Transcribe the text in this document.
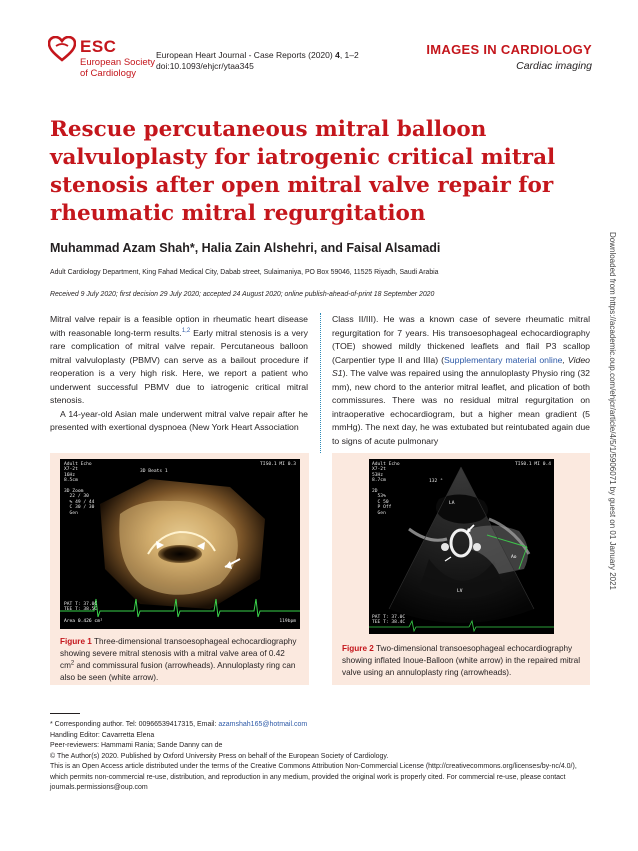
ESC
European Society
of Cardiology
European Heart Journal - Case Reports (2020) 4, 1–2
doi:10.1093/ehjcr/ytaa345
IMAGES IN CARDIOLOGY
Cardiac imaging
Rescue percutaneous mitral balloon valvuloplasty for iatrogenic critical mitral stenosis after open mitral valve repair for rheumatic mitral regurgitation
Muhammad Azam Shah*, Halia Zain Alshehri, and Faisal Alsamadi
Adult Cardiology Department, King Fahad Medical City, Dabab street, Sulaimaniya, PO Box 59046, 11525 Riyadh, Saudi Arabia
Received 9 July 2020; first decision 29 July 2020; accepted 24 August 2020; online publish-ahead-of-print 18 September 2020

Mitral valve repair is a feasible option in rheumatic heart disease with reasonable long-term results.$^{1,2}$ Early mitral stenosis is a very rare complication of mitral valve repair. Percutaneous balloon mitral valvuloplasty (PBMV) can serve as a bailout procedure if reoperation is a very high risk. Here, we report a patient who underwent successful PBMV due to iatrogenic critical mitral stenosis.

A 14-year-old Asian male underwent mitral valve repair after he presented with exertional dyspnoea (New York Heart Association

Class II/III). He was a known case of severe rheumatic mitral regurgitation for 7 years. His transoesophageal echocardiography (TOE) showed mildly thickened leaflets and flail P3 scallop (Carpentier type II and IIIa) (Supplementary material online, Video S1). The valve was repaired using the annuloplasty Physio ring (32 mm), new chord to the anterior mitral leaflet, and plication of both commissures. There was no residual mitral regurgitation on intraoperative echocardiogram, but a higher mean gradient (5 mmHg). The next day, he was extubated but reintubated again due to signs of acute pulmonary

Adult Echo
X7-2t
16Hz
8.5cm

3D Zoom
22 / 30
% 49 / 44
C 30 / 30
Gen
3D Beats 1
TIS0.1 MI 0.3
PAT T: 37.0C
TEE T: 38.5C
Area 0.426 cm²	119bpm
Figure 1 Three-dimensional transoesophageal echocardiography showing severe mitral stenosis with a mitral valve area of 0.42 $cm^2$ and commissural fusion (arrowheads). Annuloplasty ring can also be seen (white arrow).
Adult Echo
X7-2t
53Hz
8.7cm

2D
53%
C 50
P Off
Gen
TIS0.1 MI 0.4
132 °
LA
LV
Ao
PAT T: 37.0C
TEE T: 38.4C
Figure 2 Two-dimensional transoesophageal echocardiography showing inflated Inoue-Balloon (white arrow) in the repaired mitral valve using an annuloplasty ring (arrowheads).
* Corresponding author. Tel: 00966539417315, Email: azamshah165@hotmail.com
Handling Editor: Cavarretta Elena
Peer-reviewers: Hammami Rania; Sande Danny can de
© The Author(s) 2020. Published by Oxford University Press on behalf of the European Society of Cardiology.
This is an Open Access article distributed under the terms of the Creative Commons Attribution Non-Commercial License (http://creativecommons.org/licenses/by-nc/4.0/), which permits non-commercial re-use, distribution, and reproduction in any medium, provided the original work is properly cited. For commercial re-use, please contact journals.permissions@oup.com
Downloaded from https://academic.oup.com/ehjcr/article/4/5/1/5906071 by guest on 01 January 2021
